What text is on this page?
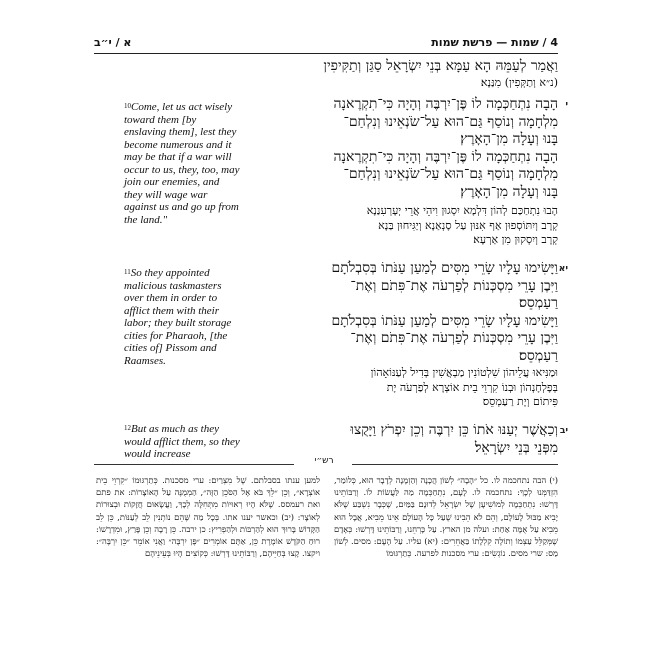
א / י״ב	4 / שמות — פרשת שמות
$^{10}$Come, let us act wisely toward them [by enslaving them], lest they become numerous and it may be that if a war will occur to us, they, too, may join our enemies, and they will wage war against us and go up from the land."
$^{11}$So they appointed malicious taskmasters over them in order to afflict them with their labor; they built storage cities for Pharaoh, [the cities of] Pissom and Raamses.
$^{12}$But as much as they would afflict them, so they would increase

וַאֲמַר לְעַמֵּהּ הָא עַמָּא בְּנֵי יִשְׂרָאֵל סַגַּן וְתַקִּיפִין

(נ״א וְתַקְּפִין) מִנַּנָא׃

י

הָבָה נִתְחַכְּמָה לוֹ פֶּן־יִרְבֶּה וְהָיָה כִּי־תִקְרֶאנָה

מִלְחָמָה וְנוֹסַף גַּם־הוּא עַל־שֹׂנְאֵינוּ וְנִלְחַם־

בָּנוּ וְעָלָה מִן־הָאָרֶץ׃

הָבָה נִתְחַכְּמָה לוֹ פֶּן־יִרְבֶּה וְהָיָה כִּי־תִקְרֶאנָה

מִלְחָמָה וְנוֹסַף גַּם־הוּא עַל־שֹׂנְאֵינוּ וְנִלְחַם־

בָּנוּ וְעָלָה מִן־הָאָרֶץ׃

הָבוּ נִתְחַכַּם לְהוֹן דִּלְמָא יִסְגוּן וִיהֵי אֲרֵי יְעָרְעִנַנָא

קְרָב וְיִתּוֹסְפוּן אַף אִנּוּן עַל סָנְאַנָא וְיַגִּיחוּן בַּנָא

קְרָב וְיִסְקוּן מִן אַרְעָא׃

יא

וַיָּשִׂימוּ עָלָיו שָׂרֵי מִסִּים לְמַעַן עַנֹּתוֹ בְּסִבְלֹתָם

וַיִּבֶן עָרֵי מִסְכְּנוֹת לְפַרְעֹה אֶת־פִּתֹם וְאֶת־

רַעַמְסֵס׃

וַיָּשִׂימוּ עָלָיו שָׂרֵי מִסִּים לְמַעַן עַנֹּתוֹ בְּסִבְלֹתָם

וַיִּבֶן עָרֵי מִסְכְּנוֹת לְפַרְעֹה אֶת־פִּתֹם וְאֶת־

רַעַמְסֵס׃

וּמַנִּיאוּ עֲלֵיהוֹן שִׁלְטוֹנִין מַבְאֲשִׁין בְּדִיל לְעַנּוֹאָהוֹן

בְּפָלְחָנְהוֹן וּבְנוֹ קִרְוֵי בֵית אוֹצְרָא לְפַרְעֹה יָת

פִּיתוֹם וְיָת רַעַמְסֵס׃

יב

וְכַאֲשֶׁר יְעַנּוּ אֹתוֹ כֵּן יִרְבֶּה וְכֵן יִפְרֹץ וַיָּקֻצוּ

מִפְּנֵי בְּנֵי יִשְׂרָאֵל׃

רש״י

(י) הבה נתחכמה לו. כל ״הָבָה״ לְשׁוֹן הֲכָנָה וְהַזְמָנָה לְדָבָר הוּא, כְּלוֹמַר, הִזְדַּמְּנוּ לְכָךְ: נתחכמה לו. לָעָם, נִתְחַכְּמָה מַה לַּעֲשׂוֹת לוֹ. וְרַבּוֹתֵינוּ דָּרְשׁוּ: נִתְחַכְּמָה לְמוֹשִׁיעָן שֶׁל יִשְׂרָאֵל לְדוּנָם בַּמַּיִם, שֶׁכְּבָר נִשְׁבַּע שֶׁלֹּא יָבִיא מַבּוּל לָעוֹלָם, וְהֵם לֹא הֵבִינוּ שֶׁעַל כָּל הָעוֹלָם אֵינוֹ מֵבִיא, אֲבָל הוּא מֵבִיא עַל אֻמָּה אַחַת: ועלה מן הארץ. עַל כָּרְחֵנוּ, וְרַבּוֹתֵינוּ דָּרְשׁוּ: כְּאָדָם שֶׁמְּקַלֵּל עַצְמוֹ וְתוֹלֶה קִלְלָתוֹ בַּאֲחֵרִים: (יא) עליו. עַל הָעָם: מסים. לְשׁוֹן מַס: שרי מסים. נוֹגְשִׂים: ערי מסכנות לפרעה. כְּתַרְגּוּמוֹ

למען ענתו בסבלתם. שֶׁל מִצְרַיִם: ערי מסכנות. כְּתַרְגּוּמוֹ ״קִרְוֵי בֵית אוֹצְרָא״, וְכֵן ״לֵךְ בֹּא אֶל הַסֹּכֵן הַזֶּה״, הַמְמֻנֶּה עַל הָאוֹצָרוֹת: את פתם ואת רעמסס. שֶׁלֹּא הָיוּ רְאוּיוֹת מִתְּחִלָּה לְכָךְ, וַעֲשָׂאוּם חֲזָקוֹת וּבְצוּרוֹת לְאוֹצָר: (יב) וכאשר יענו אתו. בְּכָל מַה שֶּׁהֵם נוֹתְנִין לֵב לְעַנּוֹת, כֵּן לֵב הַקָּדוֹשׁ בָּרוּךְ הוּא לְהַרְבּוֹת וּלְהַפְרִיץ: כן ירבה. כֵּן רָבָה וְכֵן פָּרַץ, וּמִדְרָשׁוֹ: רוּחַ הַקֹּדֶשׁ אוֹמֶרֶת כֵּן, אַתֶּם אוֹמְרִים ״פֶּן יִרְבֶּה״ וַאֲנִי אוֹמֵר ״כֵּן יִרְבֶּה״: ויקצו. קָצוּ בְּחַיֵּיהֶם, וְרַבּוֹתֵינוּ דָּרְשׁוּ: כְּקוֹצִים הָיוּ בְּעֵינֵיהֶם
